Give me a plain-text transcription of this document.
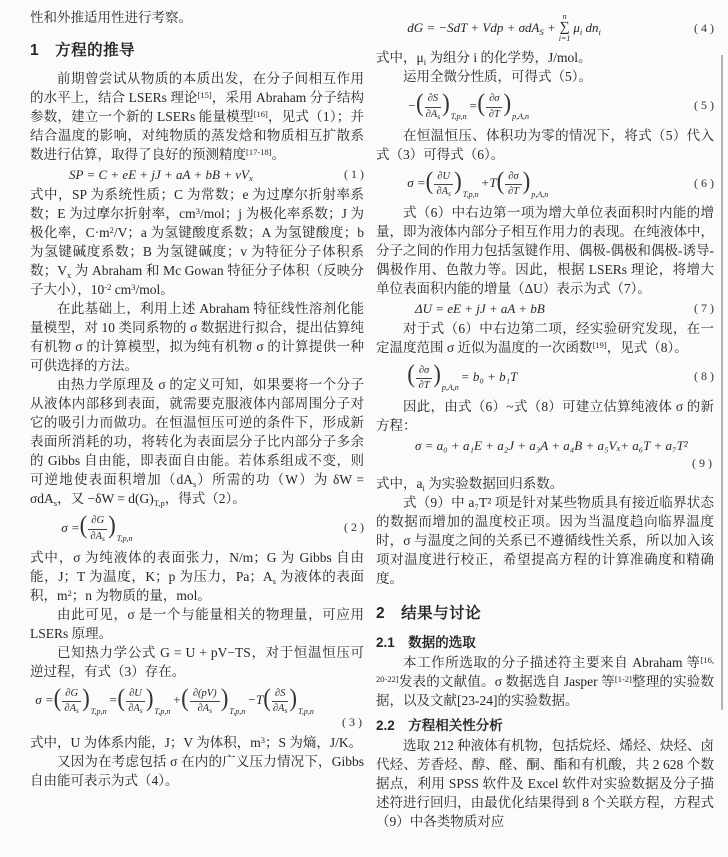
性和外推适用性进行考察。

1　方程的推导

前期曾尝试从物质的本质出发，在分子间相互作用的水平上，结合 LSERs 理论[15]，采用 Abraham 分子结构参数，建立一个新的 LSERs 能量模型[16]，见式（1）；并结合温度的影响，对纯物质的蒸发焓和物质相互扩散系数进行估算，取得了良好的预测精度[17-18]。

SP = C + eE + jJ + aA + bB + $vV_x$	( 1 )

式中，SP 为系统性质；C 为常数；e 为过摩尔折射率系数；E 为过摩尔折射率，$cm^3$/mol；j 为极化率系数；J 为极化率，$C\cdot m^2/V$；a 为氢键酸度系数；A 为氢键酸度；b 为氢键碱度系数；B 为氢键碱度；v 为特征分子体积系数；$V_x$ 为 Abraham 和 Mc Gowan 特征分子体积（反映分子大小），$10^{-2}$ $cm^3$/mol。

在此基础上，利用上述 Abraham 特征线性溶剂化能量模型，对 10 类同系物的 σ 数据进行拟合，提出估算纯有机物 σ 的计算模型，拟为纯有机物 σ 的计算提供一种可供选择的方法。

由热力学原理及 σ 的定义可知，如果要将一个分子从液体内部移到表面，就需要克服液体内部周围分子对它的吸引力而做功。在恒温恒压可逆的条件下，形成新表面所消耗的功，将转化为表面层分子比内部分子多余的 Gibbs 自由能，即表面自由能。若体系组成不变，则可逆地使表面积增加$(dA_s)$所需的功（W）为 δW = σdA$_s$，又 $-\delta W = d(G)_{T,p}$，得式（2）。

σ = ( $\frac{\partial G}{\partial As} )_{T,p,n}$
( 2 )

式中，σ 为纯液体的表面张力，N/m；G 为 Gibbs 自由能，J；T 为温度，K；p 为压力，Pa；$A_s$ 为液体的表面积，$m^2$；n 为物质的量，mol。

由此可见，σ 是一个与能量相关的物理量，可应用 LSERs 原理。

已知热力学公式 G = U + pV−TS，对于恒温恒压可逆过程，有式（3）存在。

σ = ( $\frac{\partial G}{\partial As} )_{T,p,n}$
= ( $\frac{\partial U}{\partial As} )_{T,p,n}$
+ ( $\frac{\partial(pV)}{\partial As} )_{T,p,n}$
−T ( $\frac{\partial S}{\partial As} )_{T,p,n}$
( 3 )

式中，U 为体系内能，J；V 为体积，$m^3$；S 为熵，J/K。

又因为在考虑包括 σ 在内的广义压力情况下，Gibbs 自由能可表示为式（4）。

dG = −SdT + Vdp + σdA$_S$ +
n
∑
i=1
$\mu_i$ $dn_i$	( 4 )

式中，$\mu_i$ 为组分 i 的化学势，J/mol。

运用全微分性质，可得式（5）。

− ( $\frac{\partial S}{\partial As} )_{T,p,n}$
= ( $\frac{\partial\sigma}{\partial T} )_{p,A,n}$
( 5 )

在恒温恒压、体积功为零的情况下，将式（5）代入式（3）可得式（6）。

σ = ( $\frac{\partial U}{\partial As} )_{T,p,n}$
+T ( $\frac{\partial\sigma}{\partial T} )_{p,A,n}$
( 6 )

式（6）中右边第一项为增大单位表面积时内能的增量，即为液体内部分子相互作用力的表现。在纯液体中，分子之间的作用力包括氢键作用、偶极-偶极和偶极-诱导-偶极作用、色散力等。因此，根据 LSERs 理论，将增大单位表面积内能的增量（ΔU）表示为式（7）。

ΔU = eE + jJ + aA + bB	( 7 )

对于式（6）中右边第二项，经实验研究发现，在一定温度范围 σ 近似为温度的一次函数[19]，见式（8）。

( $\frac{\partial\sigma}{\partial T} )_{p,A,n}$
= b₀ + b₁T	( 8 )

因此，由式（6）~式（8）可建立估算纯液体 σ 的新方程：

$\sigma = a_0 + a_1E + a_2J + a_3A + a_4B + a_5V_x + a_6T + a_7T^2$
( 9 )

式中，$a_i$ 为实验数据回归系数。

式（9）中 a₇T² 项是针对某些物质具有接近临界状态的数据而增加的温度校正项。因为当温度趋向临界温度时，σ 与温度之间的关系已不遵循线性关系，所以加入该项对温度进行校正，希望提高方程的计算准确度和精确度。

2　结果与讨论
2.1　数据的选取

本工作所选取的分子描述符主要来自 Abraham 等[16, 20-22]发表的文献值。σ 数据选自 Jasper 等[1-2]整理的实验数据，以及文献[23-24]的实验数据。

2.2　方程相关性分析

选取 212 种液体有机物，包括烷烃、烯烃、炔烃、卤代烃、芳香烃、醇、醛、酮、酯和有机酸，共 2 628 个数据点，利用 SPSS 软件及 Excel 软件对实验数据及分子描述符进行回归，由最优化结果得到 8 个关联方程，方程式（9）中各类物质对应
